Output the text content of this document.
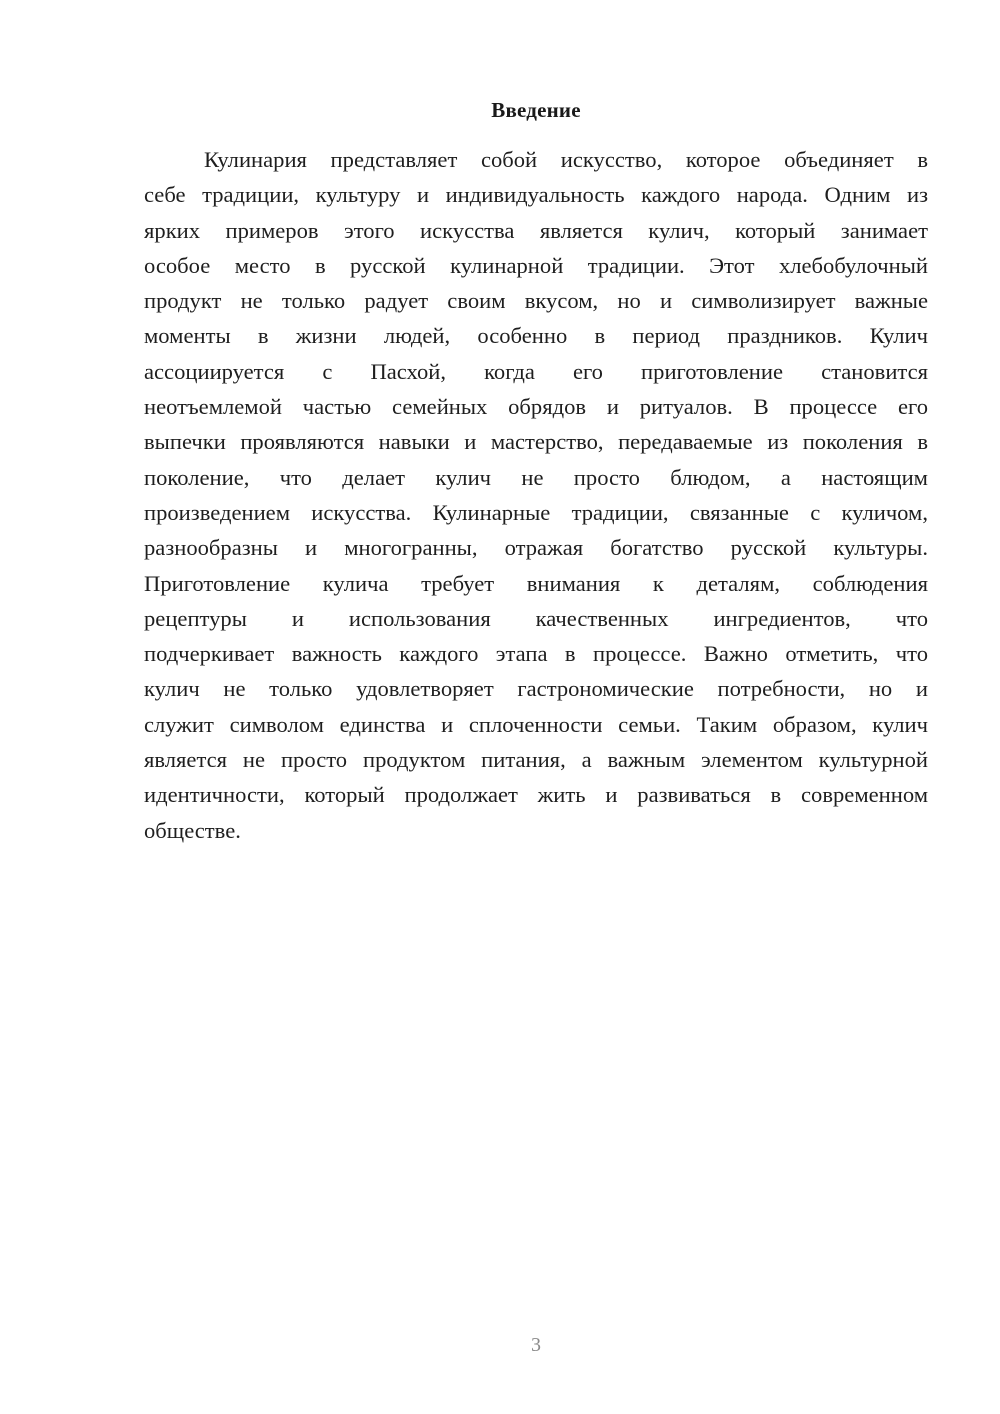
Введение
Кулинария представляет собой искусство, которое объединяет в
себе традиции, культуру и индивидуальность каждого народа. Одним из
ярких примеров этого искусства является кулич, который занимает
особое место в русской кулинарной традиции. Этот хлебобулочный
продукт не только радует своим вкусом, но и символизирует важные
моменты в жизни людей, особенно в период праздников. Кулич
ассоциируется с Пасхой, когда его приготовление становится
неотъемлемой частью семейных обрядов и ритуалов. В процессе его
выпечки проявляются навыки и мастерство, передаваемые из поколения в
поколение, что делает кулич не просто блюдом, а настоящим
произведением искусства. Кулинарные традиции, связанные с куличом,
разнообразны и многогранны, отражая богатство русской культуры.
Приготовление кулича требует внимания к деталям, соблюдения
рецептуры и использования качественных ингредиентов, что
подчеркивает важность каждого этапа в процессе. Важно отметить, что
кулич не только удовлетворяет гастрономические потребности, но и
служит символом единства и сплоченности семьи. Таким образом, кулич
является не просто продуктом питания, а важным элементом культурной
идентичности, который продолжает жить и развиваться в современном
обществе.
3
